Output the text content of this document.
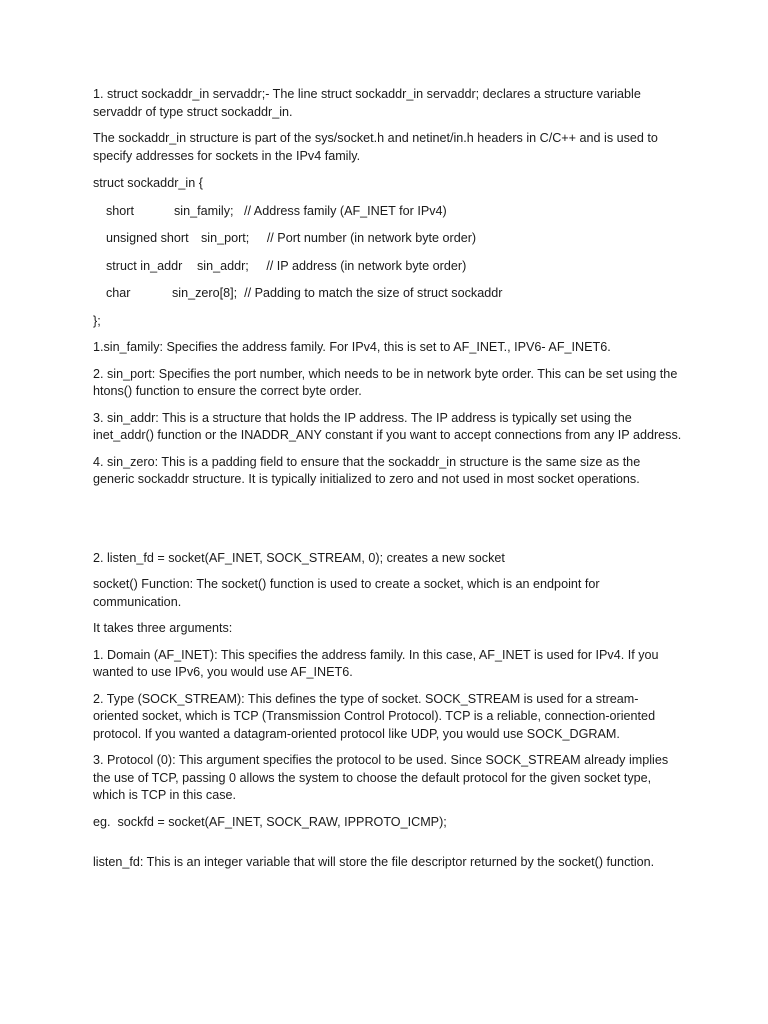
1. struct sockaddr_in servaddr;- The line struct sockaddr_in servaddr; declares a structure variable servaddr of type struct sockaddr_in.

The sockaddr_in structure is part of the sys/socket.h and netinet/in.h headers in C/C++ and is used to specify addresses for sockets in the IPv4 family.

struct sockaddr_in {
short	sin_family; // Address family (AF_INET for IPv4)
unsigned short sin_port; // Port number (in network byte order)
struct in_addr sin_addr; // IP address (in network byte order)
char	sin_zero[8]; // Padding to match the size of struct sockaddr
};

1.sin_family: Specifies the address family. For IPv4, this is set to AF_INET., IPV6- AF_INET6.

2. sin_port: Specifies the port number, which needs to be in network byte order. This can be set using the htons() function to ensure the correct byte order.

3. sin_addr: This is a structure that holds the IP address. The IP address is typically set using the inet_addr() function or the INADDR_ANY constant if you want to accept connections from any IP address.

4. sin_zero: This is a padding field to ensure that the sockaddr_in structure is the same size as the generic sockaddr structure. It is typically initialized to zero and not used in most socket operations.

2. listen_fd = socket(AF_INET, SOCK_STREAM, 0); creates a new socket

socket() Function: The socket() function is used to create a socket, which is an endpoint for communication.

It takes three arguments:

1. Domain (AF_INET): This specifies the address family. In this case, AF_INET is used for IPv4. If you wanted to use IPv6, you would use AF_INET6.

2. Type (SOCK_STREAM): This defines the type of socket. SOCK_STREAM is used for a stream-oriented socket, which is TCP (Transmission Control Protocol). TCP is a reliable, connection-oriented protocol. If you wanted a datagram-oriented protocol like UDP, you would use SOCK_DGRAM.

3. Protocol (0): This argument specifies the protocol to be used. Since SOCK_STREAM already implies the use of TCP, passing 0 allows the system to choose the default protocol for the given socket type, which is TCP in this case.

eg.  sockfd = socket(AF_INET, SOCK_RAW, IPPROTO_ICMP);

listen_fd: This is an integer variable that will store the file descriptor returned by the socket() function.
